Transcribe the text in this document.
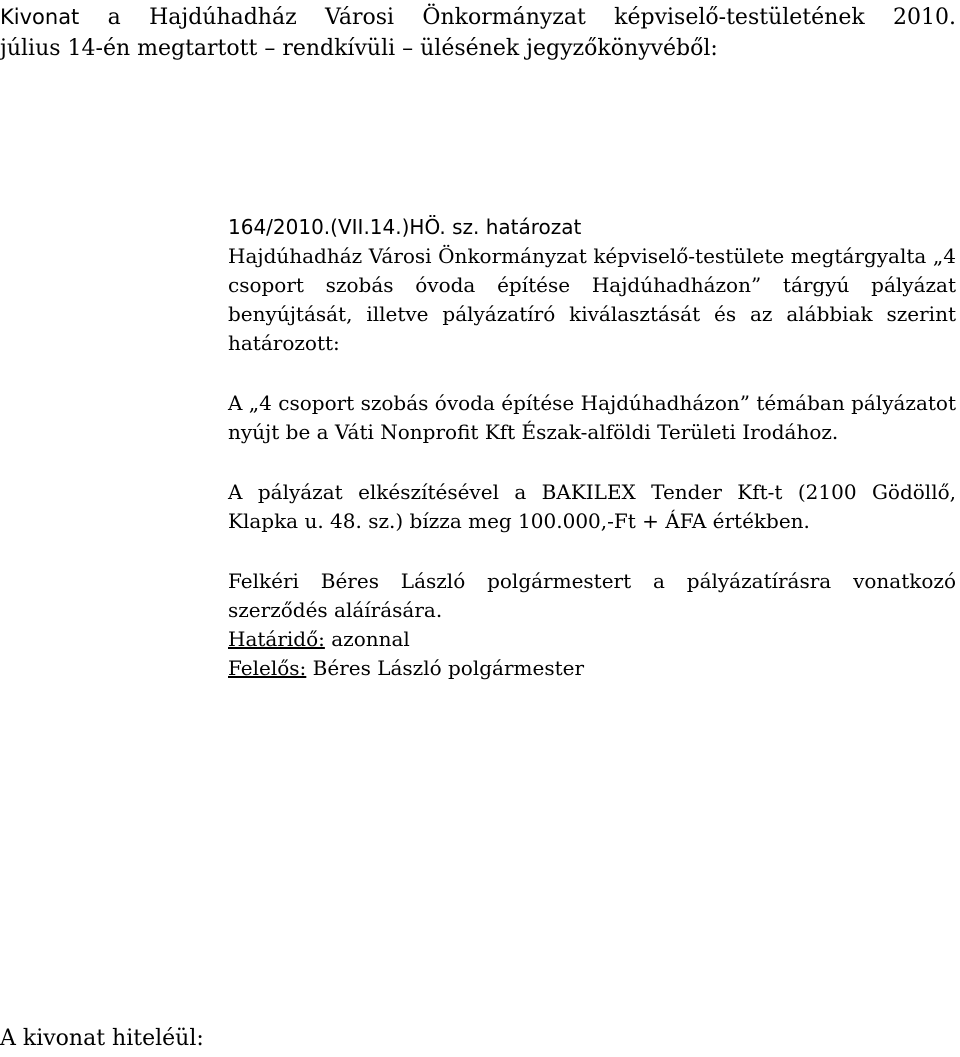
Kivonat a Hajdúhadház Városi Önkormányzat képviselő-testületének 2010.
július 14-én megtartott – rendkívüli – ülésének jegyzőkönyvéből:

164/2010.(VII.14.)HÖ. sz. határozat

Hajdúhadház Városi Önkormányzat képviselő-testülete megtárgyalta „4 csoport szobás óvoda építése Hajdúhadházon” tárgyú pályázat benyújtását, illetve pályázatíró kiválasztását és az alábbiak szerint határozott:

A „4 csoport szobás óvoda építése Hajdúhadházon” témában pályázatot nyújt be a Váti Nonprofit Kft Észak-alföldi Területi Irodához.

A pályázat elkészítésével a BAKILEX Tender Kft-t (2100 Gödöllő, Klapka u. 48. sz.) bízza meg 100.000,-Ft + ÁFA értékben.

Felkéri Béres László polgármestert a pályázatírásra vonatkozó szerződés aláírására.

Határidő: azonnal

Felelős: Béres László polgármester

A kivonat hiteléül:
